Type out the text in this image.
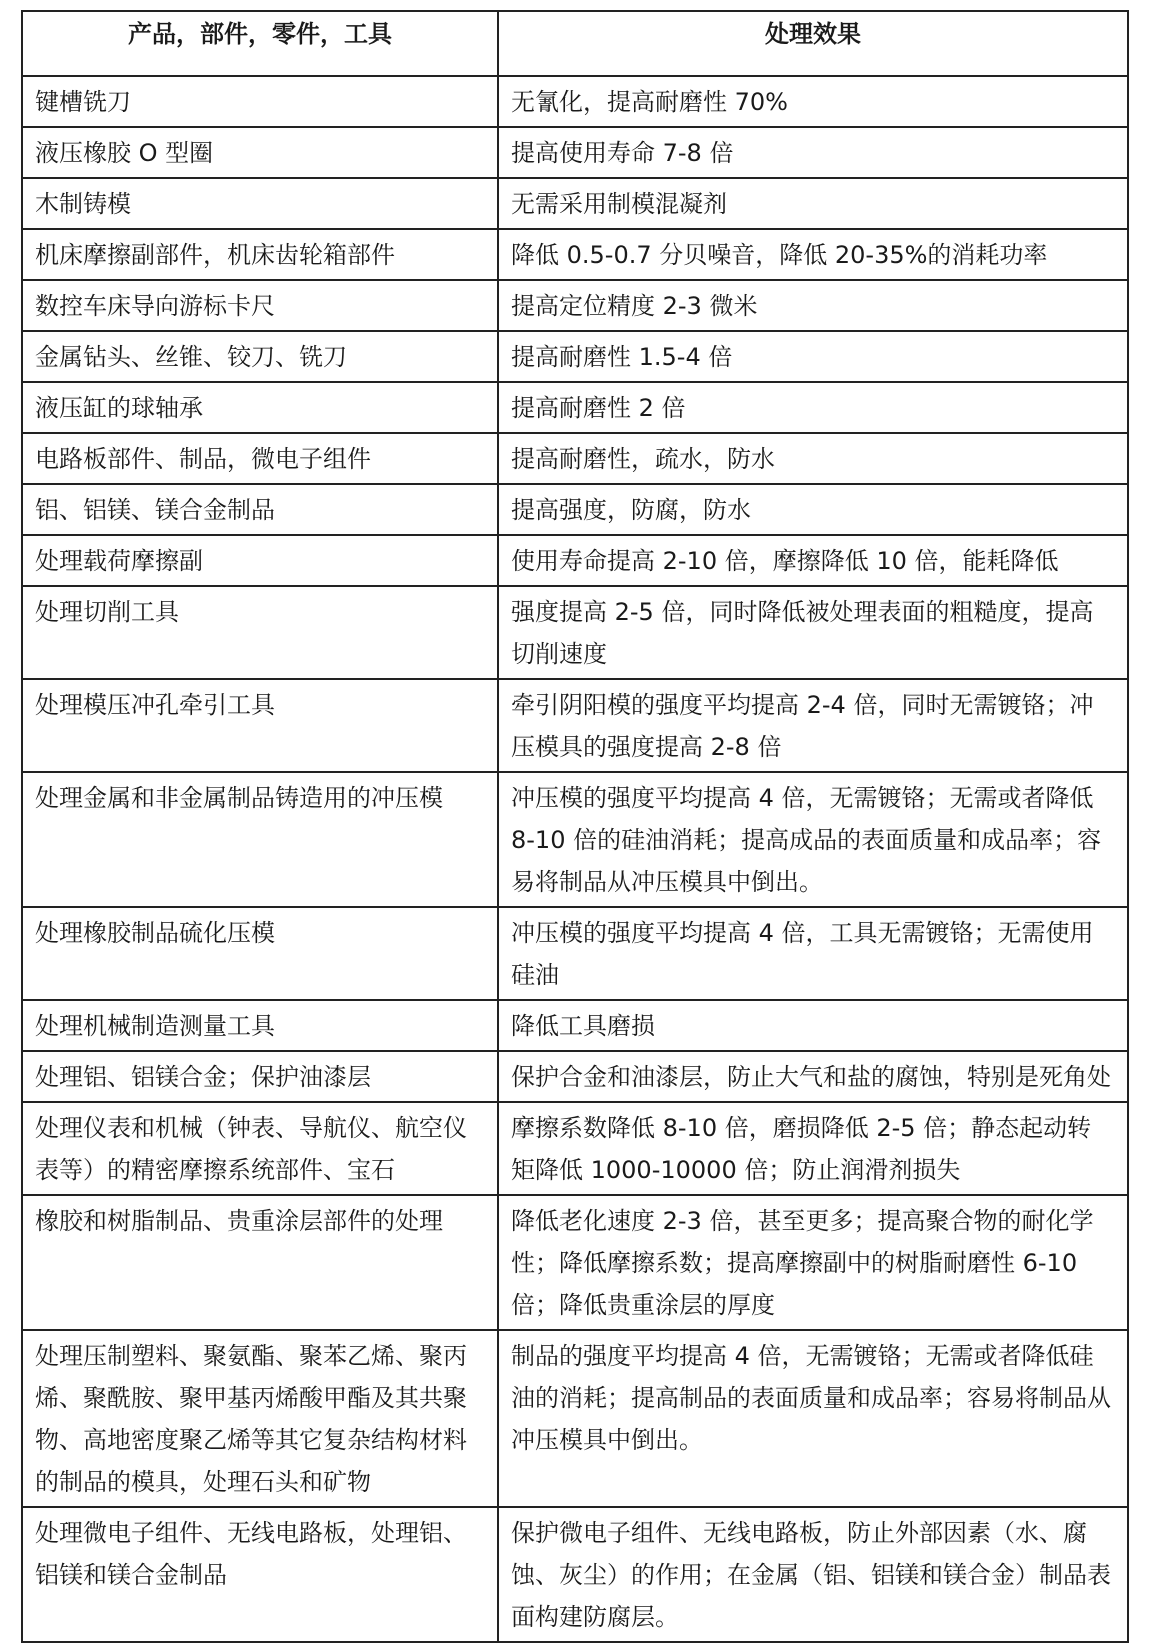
产品，部件，零件，工具	处理效果
键槽铣刀	无氰化，提高耐磨性 70%
液压橡胶 O 型圈	提高使用寿命 7-8 倍
木制铸模	无需采用制模混凝剂
机床摩擦副部件，机床齿轮箱部件	降低 0.5-0.7 分贝噪音，降低 20-35%的消耗功率
数控车床导向游标卡尺	提高定位精度 2-3 微米
金属钻头、丝锥、铰刀、铣刀	提高耐磨性 1.5-4 倍
液压缸的球轴承	提高耐磨性 2 倍
电路板部件、制品，微电子组件	提高耐磨性，疏水，防水
铝、铝镁、镁合金制品	提高强度，防腐，防水
处理载荷摩擦副	使用寿命提高 2-10 倍，摩擦降低 10 倍，能耗降低
处理切削工具	强度提高 2-5 倍，同时降低被处理表面的粗糙度，提高切削速度
处理模压冲孔牵引工具	牵引阴阳模的强度平均提高 2-4 倍，同时无需镀铬；冲压模具的强度提高 2-8 倍
处理金属和非金属制品铸造用的冲压模	冲压模的强度平均提高 4 倍，无需镀铬；无需或者降低 8-10 倍的硅油消耗；提高成品的表面质量和成品率；容易将制品从冲压模具中倒出。
处理橡胶制品硫化压模	冲压模的强度平均提高 4 倍，工具无需镀铬；无需使用硅油
处理机械制造测量工具	降低工具磨损
处理铝、铝镁合金；保护油漆层	保护合金和油漆层，防止大气和盐的腐蚀，特别是死角处
处理仪表和机械（钟表、导航仪、航空仪表等）的精密摩擦系统部件、宝石	摩擦系数降低 8-10 倍，磨损降低 2-5 倍；静态起动转矩降低 1000-10000 倍；防止润滑剂损失
橡胶和树脂制品、贵重涂层部件的处理	降低老化速度 2-3 倍，甚至更多；提高聚合物的耐化学性；降低摩擦系数；提高摩擦副中的树脂耐磨性 6-10 倍；降低贵重涂层的厚度
处理压制塑料、聚氨酯、聚苯乙烯、聚丙烯、聚酰胺、聚甲基丙烯酸甲酯及其共聚物、高地密度聚乙烯等其它复杂结构材料的制品的模具，处理石头和矿物	制品的强度平均提高 4 倍，无需镀铬；无需或者降低硅油的消耗；提高制品的表面质量和成品率；容易将制品从冲压模具中倒出。
处理微电子组件、无线电路板，处理铝、铝镁和镁合金制品	保护微电子组件、无线电路板，防止外部因素（水、腐蚀、灰尘）的作用；在金属（铝、铝镁和镁合金）制品表面构建防腐层。
